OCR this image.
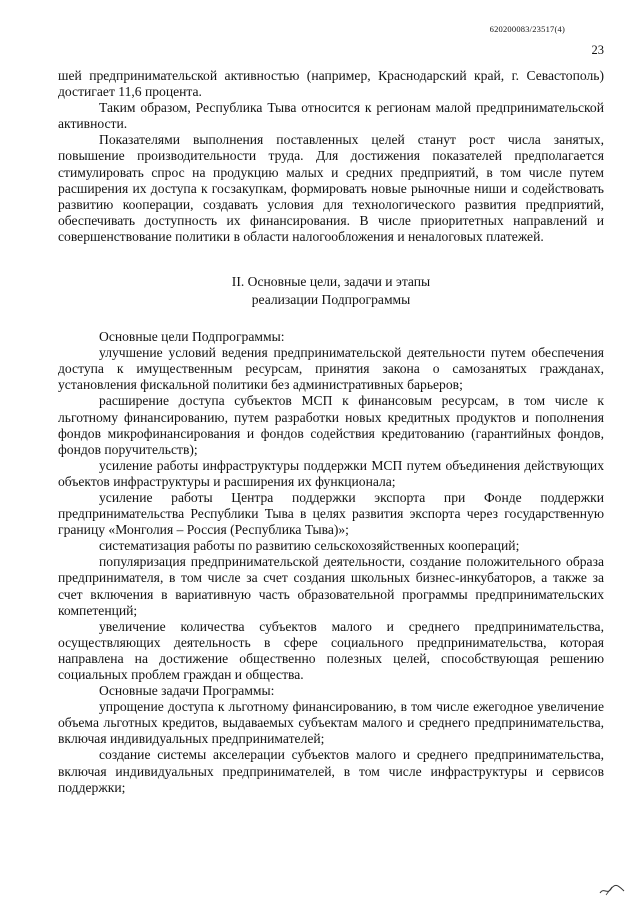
620200083/23517(4)
23

шей предпринимательской активностью (например, Краснодарский край, г. Севастополь) достигает 11,6 процента.

Таким образом, Республика Тыва относится к регионам малой предпринимательской активности.

Показателями выполнения поставленных целей станут рост числа занятых, повышение производительности труда. Для достижения показателей предполагается стимулировать спрос на продукцию малых и средних предприятий, в том числе путем расширения их доступа к госзакупкам, формировать новые рыночные ниши и содействовать развитию кооперации, создавать условия для технологического развития предприятий, обеспечивать доступность их финансирования. В числе приоритетных направлений и совершенствование политики в области налогообложения и неналоговых платежей.

II. Основные цели, задачи и этапы
реализации Подпрограммы

Основные цели Подпрограммы:

улучшение условий ведения предпринимательской деятельности путем обеспечения доступа к имущественным ресурсам, принятия закона о самозанятых гражданах, установления фискальной политики без административных барьеров;

расширение доступа субъектов МСП к финансовым ресурсам, в том числе к льготному финансированию, путем разработки новых кредитных продуктов и пополнения фондов микрофинансирования и фондов содействия кредитованию (гарантийных фондов, фондов поручительств);

усиление работы инфраструктуры поддержки МСП путем объединения действующих объектов инфраструктуры и расширения их функционала;

усиление работы Центра поддержки экспорта при Фонде поддержки предпринимательства Республики Тыва в целях развития экспорта через государственную границу «Монголия – Россия (Республика Тыва)»;

систематизация работы по развитию сельскохозяйственных коопераций;

популяризация предпринимательской деятельности, создание положительного образа предпринимателя, в том числе за счет создания школьных бизнес-инкубаторов, а также за счет включения в вариативную часть образовательной программы предпринимательских компетенций;

увеличение количества субъектов малого и среднего предпринимательства, осуществляющих деятельность в сфере социального предпринимательства, которая направлена на достижение общественно полезных целей, способствующая решению социальных проблем граждан и общества.

Основные задачи Программы:

упрощение доступа к льготному финансированию, в том числе ежегодное увеличение объема льготных кредитов, выдаваемых субъектам малого и среднего предпринимательства, включая индивидуальных предпринимателей;

создание системы акселерации субъектов малого и среднего предпринимательства, включая индивидуальных предпринимателей, в том числе инфраструктуры и сервисов поддержки;
